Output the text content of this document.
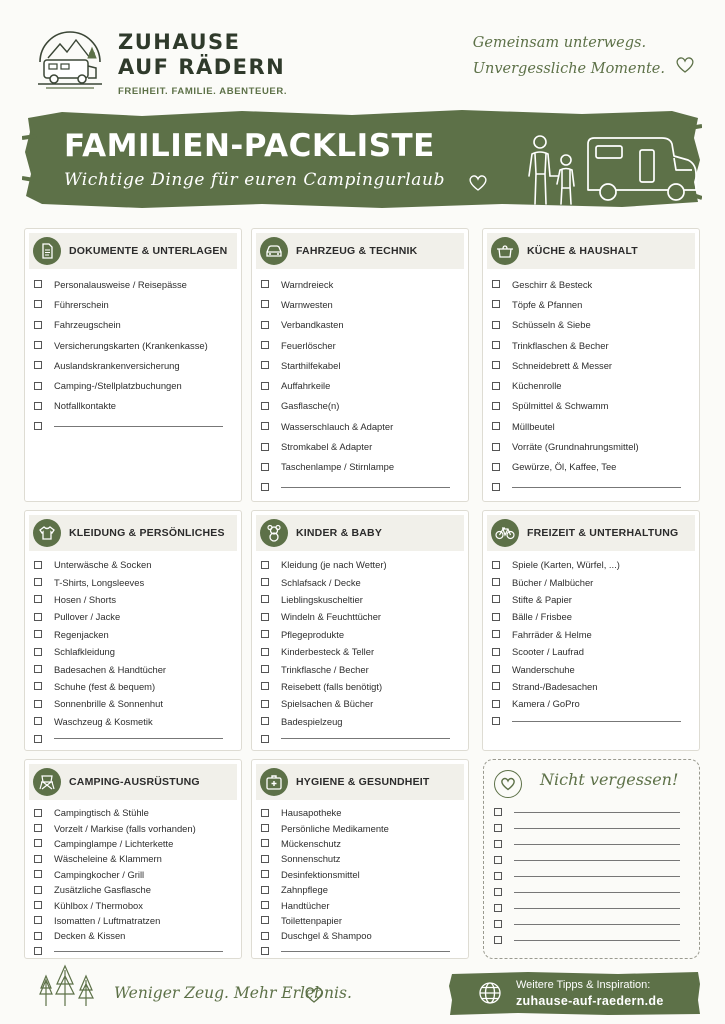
ZUHAUSE
AUF RÄDERN
FREIHEIT. FAMILIE. ABENTEUER.
Gemeinsam unterwegs.
Unvergessliche Momente.
FAMILIEN-PACKLISTE
Wichtige Dinge für euren Campingurlaub
DOKUMENTE & UNTERLAGEN
Personalausweise / Reisepässe
Führerschein
Fahrzeugschein
Versicherungskarten (Krankenkasse)
Auslandskrankenversicherung
Camping-/Stellplatzbuchungen
Notfallkontakte
FAHRZEUG & TECHNIK
Warndreieck
Warnwesten
Verbandkasten
Feuerlöscher
Starthilfekabel
Auffahrkeile
Gasflasche(n)
Wasserschlauch & Adapter
Stromkabel & Adapter
Taschenlampe / Stirnlampe
KÜCHE & HAUSHALT
Geschirr & Besteck
Töpfe & Pfannen
Schüsseln & Siebe
Trinkflaschen & Becher
Schneidebrett & Messer
Küchenrolle
Spülmittel & Schwamm
Müllbeutel
Vorräte (Grundnahrungsmittel)
Gewürze, Öl, Kaffee, Tee
KLEIDUNG & PERSÖNLICHES
Unterwäsche & Socken
T-Shirts, Longsleeves
Hosen / Shorts
Pullover / Jacke
Regenjacken
Schlafkleidung
Badesachen & Handtücher
Schuhe (fest & bequem)
Sonnenbrille & Sonnenhut
Waschzeug & Kosmetik
KINDER & BABY
Kleidung (je nach Wetter)
Schlafsack / Decke
Lieblingskuscheltier
Windeln & Feuchttücher
Pflegeprodukte
Kinderbesteck & Teller
Trinkflasche / Becher
Reisebett (falls benötigt)
Spielsachen & Bücher
Badespielzeug
FREIZEIT & UNTERHALTUNG
Spiele (Karten, Würfel, ...)
Bücher / Malbücher
Stifte & Papier
Bälle / Frisbee
Fahrräder & Helme
Scooter / Laufrad
Wanderschuhe
Strand-/Badesachen
Kamera / GoPro
CAMPING-AUSRÜSTUNG
Campingtisch & Stühle
Vorzelt / Markise (falls vorhanden)
Campinglampe / Lichterkette
Wäscheleine & Klammern
Campingkocher / Grill
Zusätzliche Gasflasche
Kühlbox / Thermobox
Isomatten / Luftmatratzen
Decken & Kissen
HYGIENE & GESUNDHEIT
Hausapotheke
Persönliche Medikamente
Mückenschutz
Sonnenschutz
Desinfektionsmittel
Zahnpflege
Handtücher
Toilettenpapier
Duschgel & Shampoo
Nicht vergessen!
Weniger Zeug. Mehr Erlebnis.	Weitere Tipps & Inspiration:
zuhause-auf-raedern.de
